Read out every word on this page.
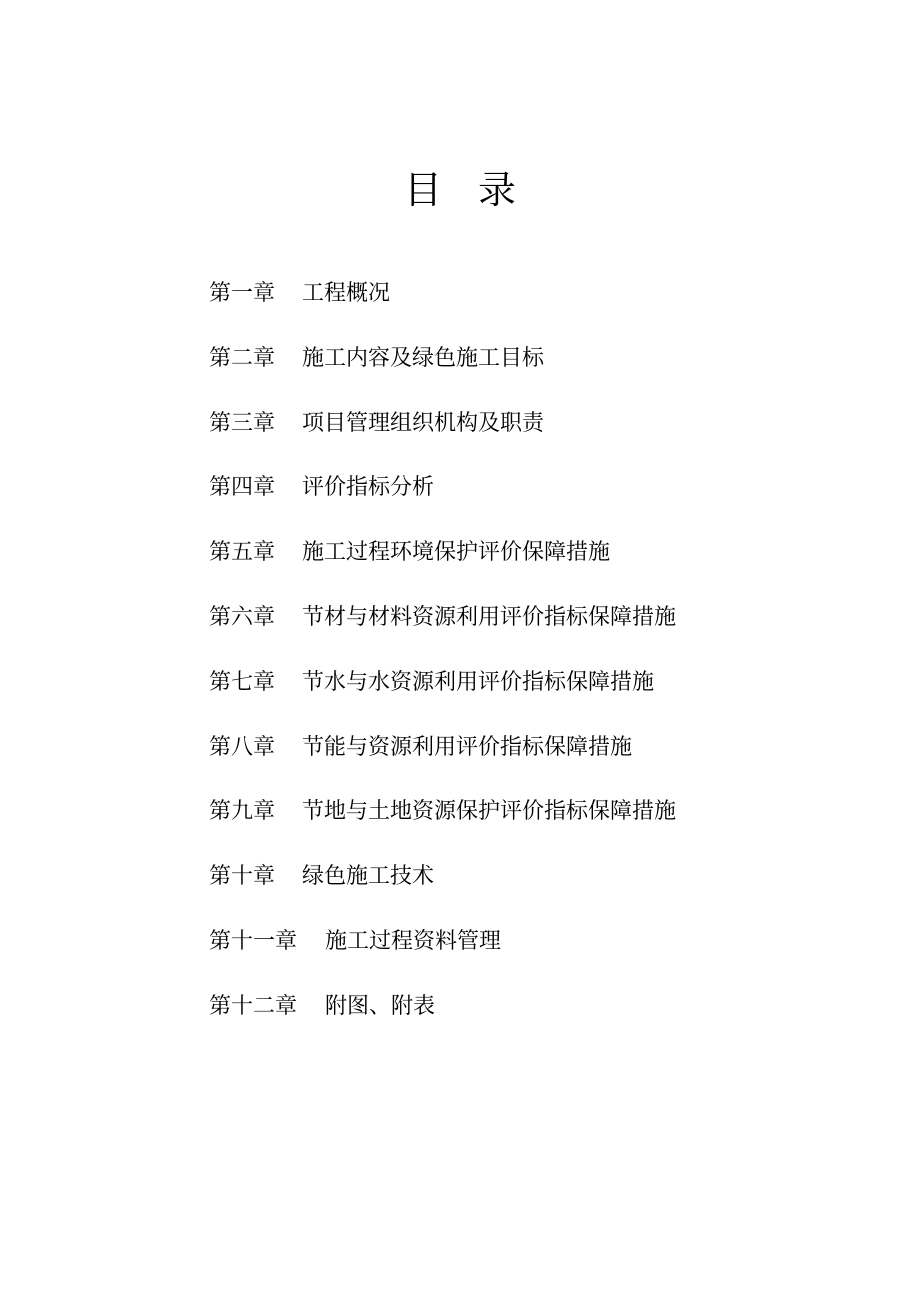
目录
第一章	工程概况
第二章	施工内容及绿色施工目标
第三章	项目管理组织机构及职责
第四章	评价指标分析
第五章	施工过程环境保护评价保障措施
第六章	节材与材料资源利用评价指标保障措施
第七章	节水与水资源利用评价指标保障措施
第八章	节能与资源利用评价指标保障措施
第九章	节地与土地资源保护评价指标保障措施
第十章	绿色施工技术
第十一章	施工过程资料管理
第十二章	附图、附表
